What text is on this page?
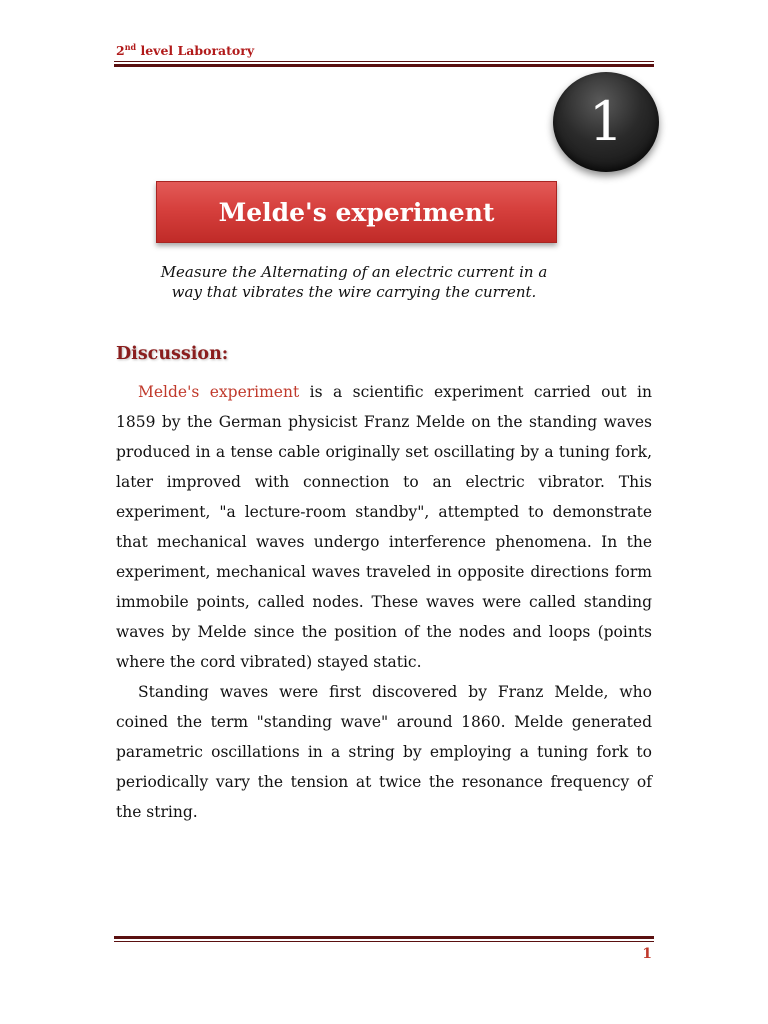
2nd level Laboratory
1
Melde's experiment
Measure the Alternating of an electric current in a way that vibrates the wire carrying the current.
Discussion:

Melde's experiment is a scientific experiment carried out in 1859 by the German physicist Franz Melde on the standing waves produced in a tense cable originally set oscillating by a tuning fork, later improved with connection to an electric vibrator. This experiment, "a lecture-room standby", attempted to demonstrate that mechanical waves undergo interference phenomena. In the experiment, mechanical waves traveled in opposite directions form immobile points, called nodes. These waves were called standing waves by Melde since the position of the nodes and loops (points where the cord vibrated) stayed static.

Standing waves were first discovered by Franz Melde, who coined the term "standing wave" around 1860. Melde generated parametric oscillations in a string by employing a tuning fork to periodically vary the tension at twice the resonance frequency of the string.

1
